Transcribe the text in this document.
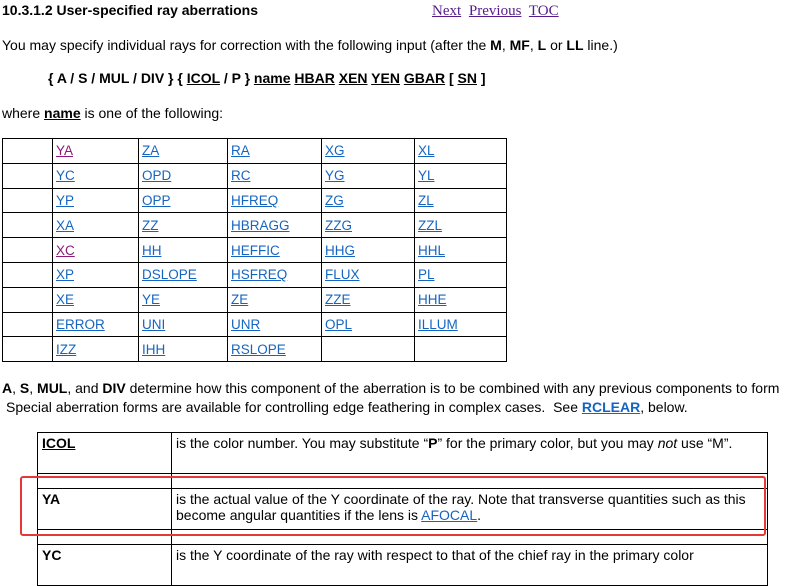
10.3.1.2 User-specified ray aberrations	Next Previous TOC
You may specify individual rays for correction with the following input (after the M, MF, L or LL line.)
{ A / S / MUL / DIV } { ICOL / P } name HBAR XEN YEN GBAR [ SN ]
where name is one of the following:
	YA	ZA	RA	XG	XL
	YC	OPD	RC	YG	YL
	YP	OPP	HFREQ	ZG	ZL
	XA	ZZ	HBRAGG	ZZG	ZZL
	XC	HH	HEFFIC	HHG	HHL
	XP	DSLOPE	HSFREQ	FLUX	PL
	XE	YE	ZE	ZZE	HHE
	ERROR	UNI	UNR	OPL	ILLUM
	IZZ	IHH	RSLOPE		
A, S, MUL, and DIV determine how this component of the aberration is to be combined with any previous components to form
Special aberration forms are available for controlling edge feathering in complex cases.  See RCLEAR, below.
ICOL	is the color number. You may substitute “P” for the primary color, but you may not use “M”.

YA	is the actual value of the Y coordinate of the ray. Note that transverse quantities such as this become angular quantities if the lens is AFOCAL.

YC	is the Y coordinate of the ray with respect to that of the chief ray in the primary color
